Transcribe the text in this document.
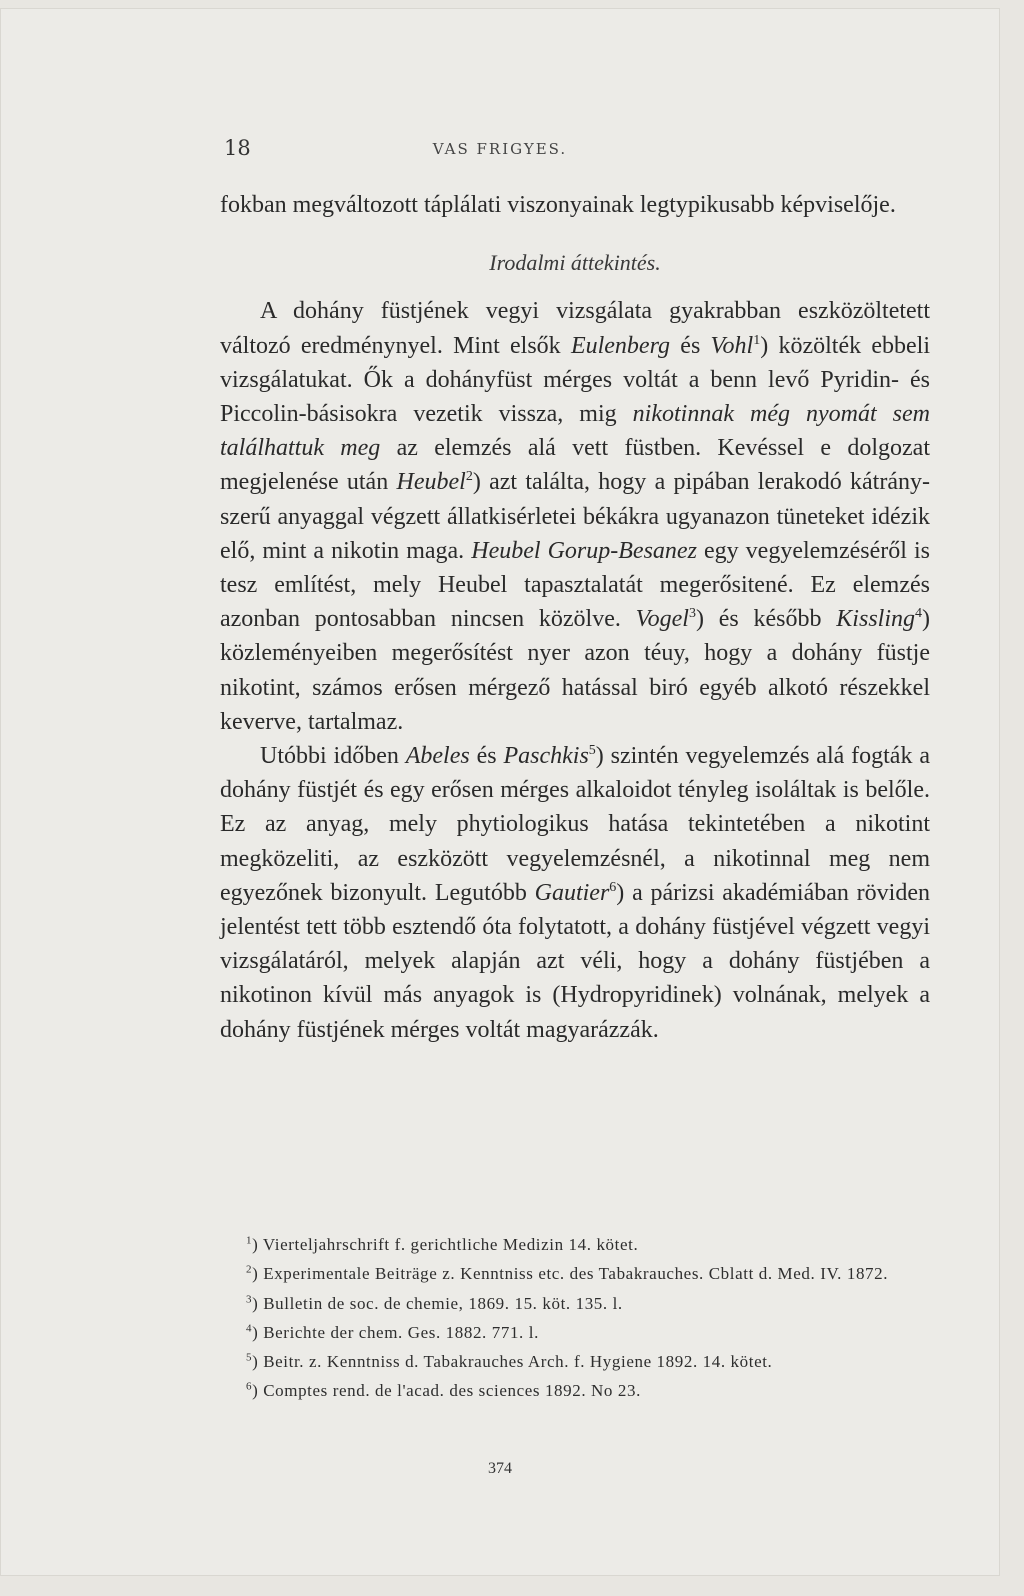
18	VAS FRIGYES.

fokban megváltozott táplálati viszonyainak legtypikusabb képviselője.

Irodalmi áttekintés.

A dohány füstjének vegyi vizsgálata gyakrabban eszközöltetett változó eredménynyel. Mint elsők Eulenberg és Vohl$^1$) közölték ebbeli vizsgálatukat. Ők a dohányfüst mérges voltát a benn levő Pyridin- és Piccolin-básisokra vezetik vissza, mig nikotinnak még nyomát sem találhattuk meg az elemzés alá vett füstben. Kevéssel e dolgozat megjelenése után Heubel$^2$) azt találta, hogy a pipában lerakodó kátrányszerű anyaggal végzett állatkisérletei békákra ugyanazon tüneteket idézik elő, mint a nikotin maga. Heubel Gorup-Besanez egy vegyelemzéséről is tesz említést, mely Heubel tapasztalatát megerősitené. Ez elemzés azonban pontosabban nincsen közölve. Vogel$^3$) és később Kissling$^4$) közleményeiben megerősítést nyer azon téuy, hogy a dohány füstje nikotint, számos erősen mérgező hatással biró egyéb alkotó részekkel keverve, tartalmaz.

Utóbbi időben Abeles és Paschkis$^5$) szintén vegyelemzés alá fogták a dohány füstjét és egy erősen mérges alkaloidot tényleg isoláltak is belőle. Ez az anyag, mely phytiologikus hatása tekintetében a nikotint megközeliti, az eszközött vegyelemzésnél, a nikotinnal meg nem egyezőnek bizonyult. Legutóbb Gautier$^6$) a párizsi akadémiában röviden jelentést tett több esztendő óta folytatott, a dohány füstjével végzett vegyi vizsgálatáról, melyek alapján azt véli, hogy a dohány füstjében a nikotinon kívül más anyagok is (Hydropyridinek) volnának, melyek a dohány füstjének mérges voltát magyarázzák.

$^1$) Vierteljahrschrift f. gerichtliche Medizin 14. kötet.

$^2$) Experimentale Beiträge z. Kenntniss etc. des Tabakrauches. Cblatt d. Med. IV. 1872.

$^3$) Bulletin de soc. de chemie, 1869. 15. köt. 135. l.

$^4$) Berichte der chem. Ges. 1882. 771. l.

$^5$) Beitr. z. Kenntniss d. Tabakrauches Arch. f. Hygiene 1892. 14. kötet.

$^6$) Comptes rend. de l'acad. des sciences 1892. No 23.

374
